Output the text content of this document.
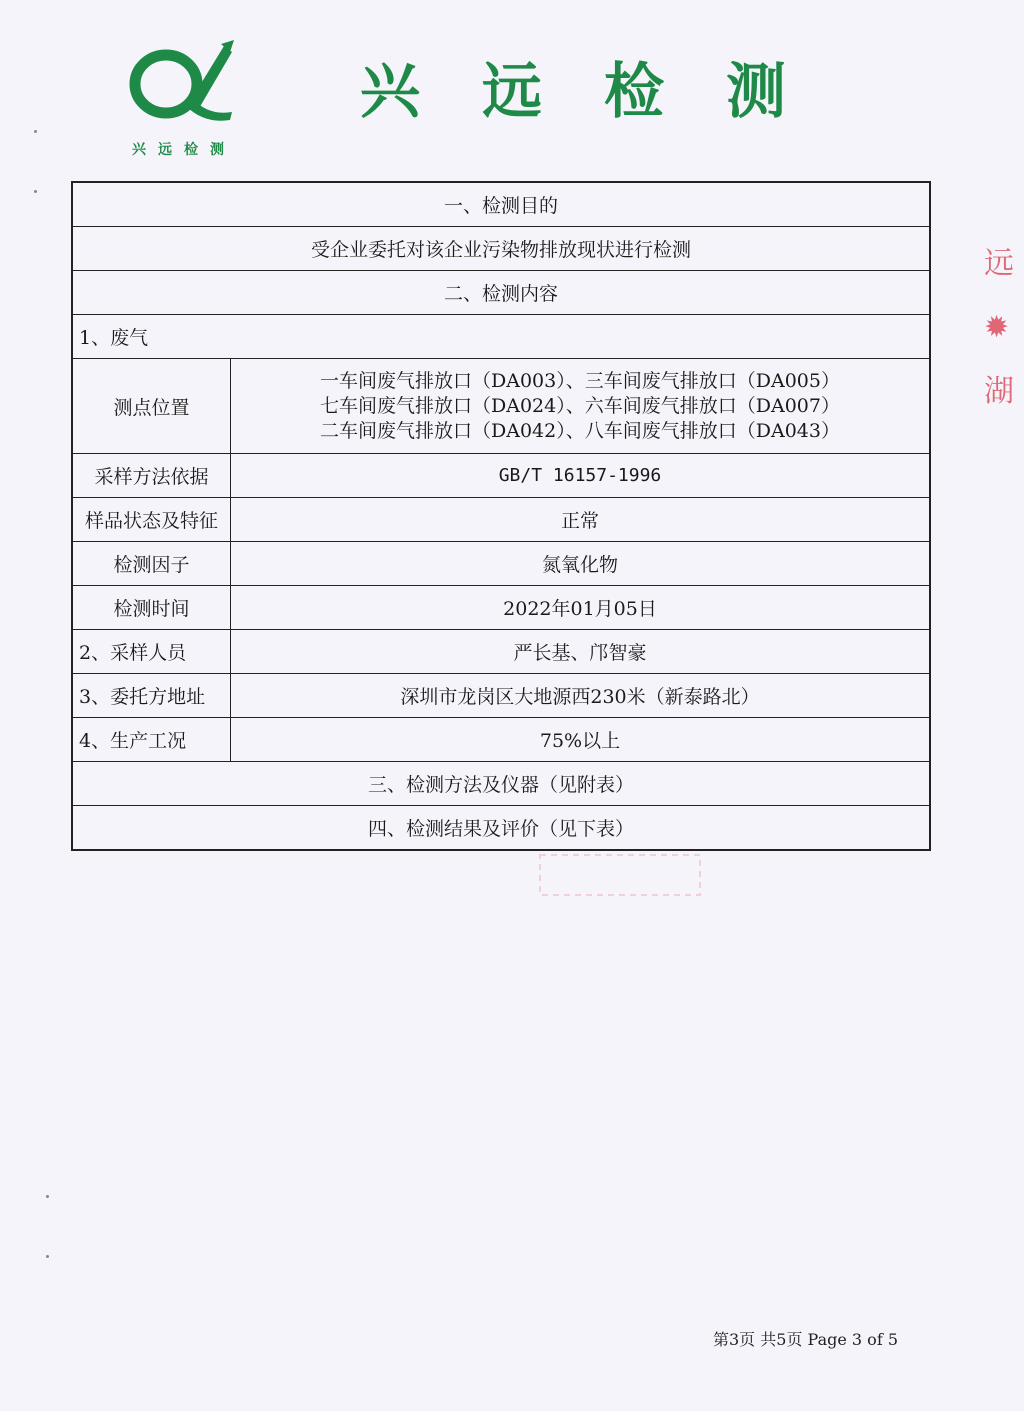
兴远检测
兴远检测
一、检测目的	
受企业委托对该企业污染物排放现状进行检测	
二、检测内容	
1、废气	
测点位置	一车间废气排放口（DA003）、三车间废气排放口（DA005）
七车间废气排放口（DA024）、六车间废气排放口（DA007）
二车间废气排放口（DA042）、八车间废气排放口（DA043）

采样方法依据	GB/T 16157-1996
样品状态及特征	正常
检测因子	氮氧化物
检测时间	2022年01月05日
2、采样人员	严长基、邝智豪
3、委托方地址	深圳市龙岗区大地源西230米（新泰路北）
4、生产工况	75%以上
三、检测方法及仪器（见附表）	
四、检测结果及评价（见下表）	
远
✹
湖
第3页 共5页 Page 3 of 5
